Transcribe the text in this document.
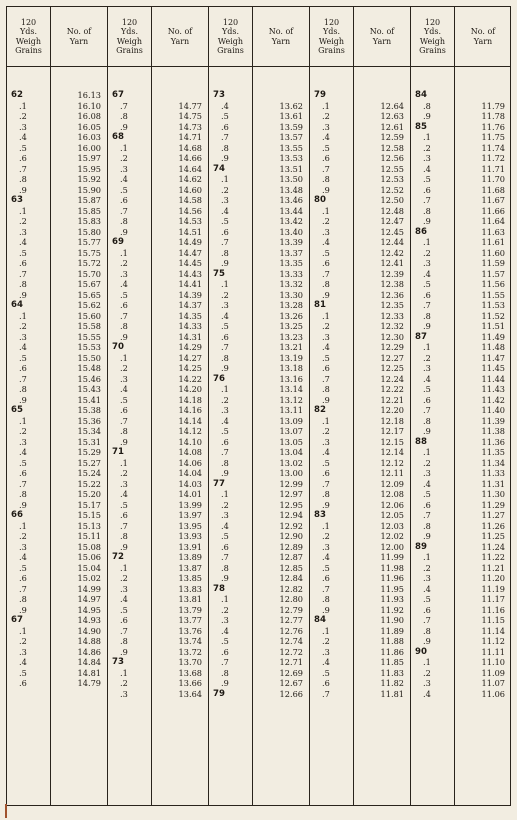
120
Yds.
Weigh
Grains
62
.1
.2
.3
.4
.5
.6
.7
.8
.9
63
.1
.2
.3
.4
.5
.6
.7
.8
.9
64
.1
.2
.3
.4
.5
.6
.7
.8
.9
65
.1
.2
.3
.4
.5
.6
.7
.8
.9
66
.1
.2
.3
.4
.5
.6
.7
.8
.9
67
.1
.2
.3
.4
.5
.6
No. of
Yarn
16.13
16.10
16.08
16.05
16.03
16.00
15.97
15.95
15.92
15.90
15.87
15.85
15.83
15.80
15.77
15.75
15.72
15.70
15.67
15.65
15.62
15.60
15.58
15.55
15.53
15.50
15.48
15.46
15.43
15.41
15.38
15.36
15.34
15.31
15.29
15.27
15.24
15.22
15.20
15.17
15.15
15.13
15.11
15.08
15.06
15.04
15.02
14.99
14.97
14.95
14.93
14.90
14.88
14.86
14.84
14.81
14.79
120
Yds.
Weigh
Grains
67
.7
.8
.9
68
.1
.2
.3
.4
.5
.6
.7
.8
.9
69
.1
.2
.3
.4
.5
.6
.7
.8
.9
70
.1
.2
.3
.4
.5
.6
.7
.8
.9
71
.1
.2
.3
.4
.5
.6
.7
.8
.9
72
.1
.2
.3
.4
.5
.6
.7
.8
.9
73
.1
.2
.3
No. of
Yarn
14.77
14.75
14.73
14.71
14.68
14.66
14.64
14.62
14.60
14.58
14.56
14.53
14.51
14.49
14.47
14.45
14.43
14.41
14.39
14.37
14.35
14.33
14.31
14.29
14.27
14.25
14.22
14.20
14.18
14.16
14.14
14.12
14.10
14.08
14.06
14.04
14.03
14.01
13.99
13.97
13.95
13.93
13.91
13.89
13.87
13.85
13.83
13.81
13.79
13.77
13.76
13.74
13.72
13.70
13.68
13.66
13.64
120
Yds.
Weigh
Grains
73
.4
.5
.6
.7
.8
.9
74
.1
.2
.3
.4
.5
.6
.7
.8
.9
75
.1
.2
.3
.4
.5
.6
.7
.8
.9
76
.1
.2
.3
.4
.5
.6
.7
.8
.9
77
.1
.2
.3
.4
.5
.6
.7
.8
.9
78
.1
.2
.3
.4
.5
.6
.7
.8
.9
79
No. of
Yarn
13.62
13.61
13.59
13.57
13.55
13.53
13.51
13.50
13.48
13.46
13.44
13.42
13.40
13.39
13.37
13.35
13.33
13.32
13.30
13.28
13.26
13.25
13.23
13.21
13.19
13.18
13.16
13.14
13.12
13.11
13.09
13.07
13.05
13.04
13.02
13.00
12.99
12.97
12.95
12.94
12.92
12.90
12.89
12.87
12.85
12.84
12.82
12.80
12.79
12.77
12.76
12.74
12.72
12.71
12.69
12.67
12.66
120
Yds.
Weigh
Grains
79
.1
.2
.3
.4
.5
.6
.7
.8
.9
80
.1
.2
.3
.4
.5
.6
.7
.8
.9
81
.1
.2
.3
.4
.5
.6
.7
.8
.9
82
.1
.2
.3
.4
.5
.6
.7
.8
.9
83
.1
.2
.3
.4
.5
.6
.7
.8
.9
84
.1
.2
.3
.4
.5
.6
.7
No. of
Yarn
12.64
12.63
12.61
12.59
12.58
12.56
12.55
12.53
12.52
12.50
12.48
12.47
12.45
12.44
12.42
12.41
12.39
12.38
12.36
12.35
12.33
12.32
12.30
12.29
12.27
12.25
12.24
12.22
12.21
12.20
12.18
12.17
12.15
12.14
12.12
12.11
12.09
12.08
12.06
12.05
12.03
12.02
12.00
11.99
11.98
11.96
11.95
11.93
11.92
11.90
11.89
11.88
11.86
11.85
11.83
11.82
11.81
120
Yds.
Weigh
Grains
84
.8
.9
85
.1
.2
.3
.4
.5
.6
.7
.8
.9
86
.1
.2
.3
.4
.5
.6
.7
.8
.9
87
.1
.2
.3
.4
.5
.6
.7
.8
.9
88
.1
.2
.3
.4
.5
.6
.7
.8
.9
89
.1
.2
.3
.4
.5
.6
.7
.8
.9
90
.1
.2
.3
.4
No. of
Yarn
11.79
11.78
11.76
11.75
11.74
11.72
11.71
11.70
11.68
11.67
11.66
11.64
11.63
11.61
11.60
11.59
11.57
11.56
11.55
11.53
11.52
11.51
11.49
11.48
11.47
11.45
11.44
11.43
11.42
11.40
11.39
11.38
11.36
11.35
11.34
11.33
11.31
11.30
11.29
11.27
11.26
11.25
11.24
11.22
11.21
11.20
11.19
11.17
11.16
11.15
11.14
11.12
11.11
11.10
11.09
11.07
11.06
